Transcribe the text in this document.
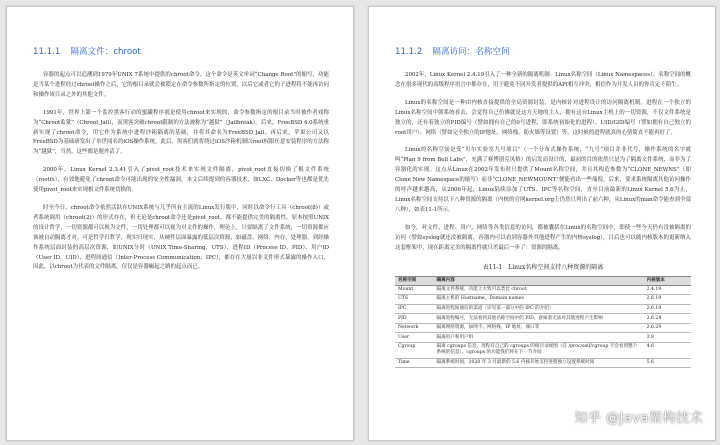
11.1.1 隔离文件：chroot

容器的起点可以追溯到1979年UNIX 7系统中提供的chroot命令，这个命令是英文单词“Change Root”的缩写，功能是当某个进程经过chroot操作之后，它的根目录就会被锁定在命令参数所指定的位置，以后它或者它的子进程将不能再访问和操作该目录之外的其他文件。

1991年，世界上第一个监控黑客行动的蜜罐程序就是使用chroot来实现的，命令参数指定的根目录当时被作者戏称为“Chroot监狱”（Chroot Jail），而黑客突破chroot限制的方法被称为“越狱”（Jailbreak）。后来，FreeBSD 4.0系统重新实现了chroot命令，用它作为系统中进程沙箱隔离的基础，并将其命名为FreeBSD Jail。再后来，苹果公司又以FreeBSD为基础研发出了举世闻名的iOS操作系统，此后，黑客们就将绕过iOS沙箱机制以root权限任意安装程序的方法称为“越狱”，当然，这些都是题外话了。

2000年，Linux Kernel 2.3.41引入了pivot_root技术来实现文件隔离，pivot_root直接切换了根文件系统（rootfs），有效地避免了chroot命令可能出现的安全性漏洞。本文后续提到的容器技术，如LXC、Docker等也都是优先使用pivot_root来实现根文件系统切换的。

时至今日，chroot命令依然活跃在UNIX系统与几乎所有主流的Linux发行版中，同时以命令行工具（chroot(8)）或者系统调用（chroot(2)）的形式存在，但无论是chroot命令还是pivot_root，都不能提供完美的隔离性。原本按照UNIX的设计哲学，一切资源都可以视为文件，一切处理都可以视为对文件的操作，理论上，只要隔离了文件系统，一切资源都应该被自动隔离才对。可是哲学归哲学，现实归现实，从硬件层面暴露的低层次资源，如磁盘、网络、内存、处理器，到经操作系统层面封装的高层次资源，如UNIX分时（UNIX Time-Sharing，UTS）、进程ID（Process ID，PID）、用户ID（User ID，UID）、进程间通信（Inter-Process Communication，IPC），都存在大量以非文件形式暴露的操作入口，因此，以chroot为代表的文件隔离，仅仅是容器崛起之路的起点而已。

11.1.2 隔离访问：名称空间

2002年，Linux Kernel 2.4.19引入了一种全新的隔离机制：Linux名称空间（Linux Namespaces）。名称空间的概念在很多现代的高级程序语言中都存在，用于避免不同开发者提供的API相互冲突，相信作为开发人员的你肯定不陌生。

Linux的名称空间是一种由内核直接提供的全局资源封装，是内核针对进程设计的访问隔离机制。进程在一个独立的Linux名称空间中朝系统看去，会觉得自己仿佛就是这方天地的主人，拥有这台Linux主机上的一切资源，不仅文件系统是独立的，还有着独立的PID编号（譬如拥有自己的0号进程，即系统初始化的进程）、UID/GID编号（譬如拥有自己独立的root用户）、网络（譬如完全独立的IP地址、网络栈、防火墙等设置）等，这时候的进程就真的心情简直不能再好了。

Linux的名称空间是受“贝尔实验室九号项目”（一个分布式操作系统，“九号”项目并非代号，操作系统的名字就叫“Plan 9 from Bell Labs”，充满了赛博朋克风格）的启发而设计的，最初的目的依然只是为了隔离文件系统，而非为了容器化的实现。这点从Linux在2002年发布时只提供了Mount名称空间，并且其构造参数为“CLONE_NEWNS”（即Clone New Namespace的缩写）而非“CLONE_NEWMOUNT”便能看出一些端倪。后来，要求系统隔离其他访问操作的呼声越来越高，从2006年起，Linux陆续添加了UTS、IPC等名称空间，直至目前最新的Linux Kernel 5.6为止，Linux名称空间支持以下八种资源的隔离（内核的官网kernel.org上仍然只列出了前六种，从Linux的man命令能查到全部八种），如表11-1所示。

如今，对文件、进程、用户、网络等各类信息的访问，都被囊括在Linux的名称空间中，即使一些今天仍有没被隔离的访问（譬如syslog就还没被隔离，容器内可以看到容器外其他进程产生的内核syslog），日后也可以随内核版本的更新纳入这套框架中，现在距离完美的隔离性就只差最后一步了：资源的隔离。

表11-1　Linux名称空间支持八种资源的隔离
名称空间	隔离内容	内核版本
Mount	隔离文件系统，功能上大致可以类比 chroot	2.4.19
UTS	隔离主机的 Hostname、Domain names	2.6.19
IPC	隔离进程间通信的渠道（详见第一部分中的 IPC 的介绍）	2.6.19
PID	隔离进程编号，无法看到其他名称空间中的 PID，意味着无法对其他进程产生影响	2.6.24
Network	隔离网络资源，如网卡、网络栈、IP 地址、端口等	2.6.29
User	隔离用户和用户组	3.8
Cgroup	隔离 cgroups 信息，进程有自己的 cgroups 的根目录视图（在 /proc/self/cgroup 不会看到整个系统的信息）。cgroups 的功能我们将在下一节介绍	4.6
Time	隔离系统时间，2020 年 3 月最新的 5.6 内核开始支持进程独立设置系统时间	5.6
知乎 @Java架构技术
